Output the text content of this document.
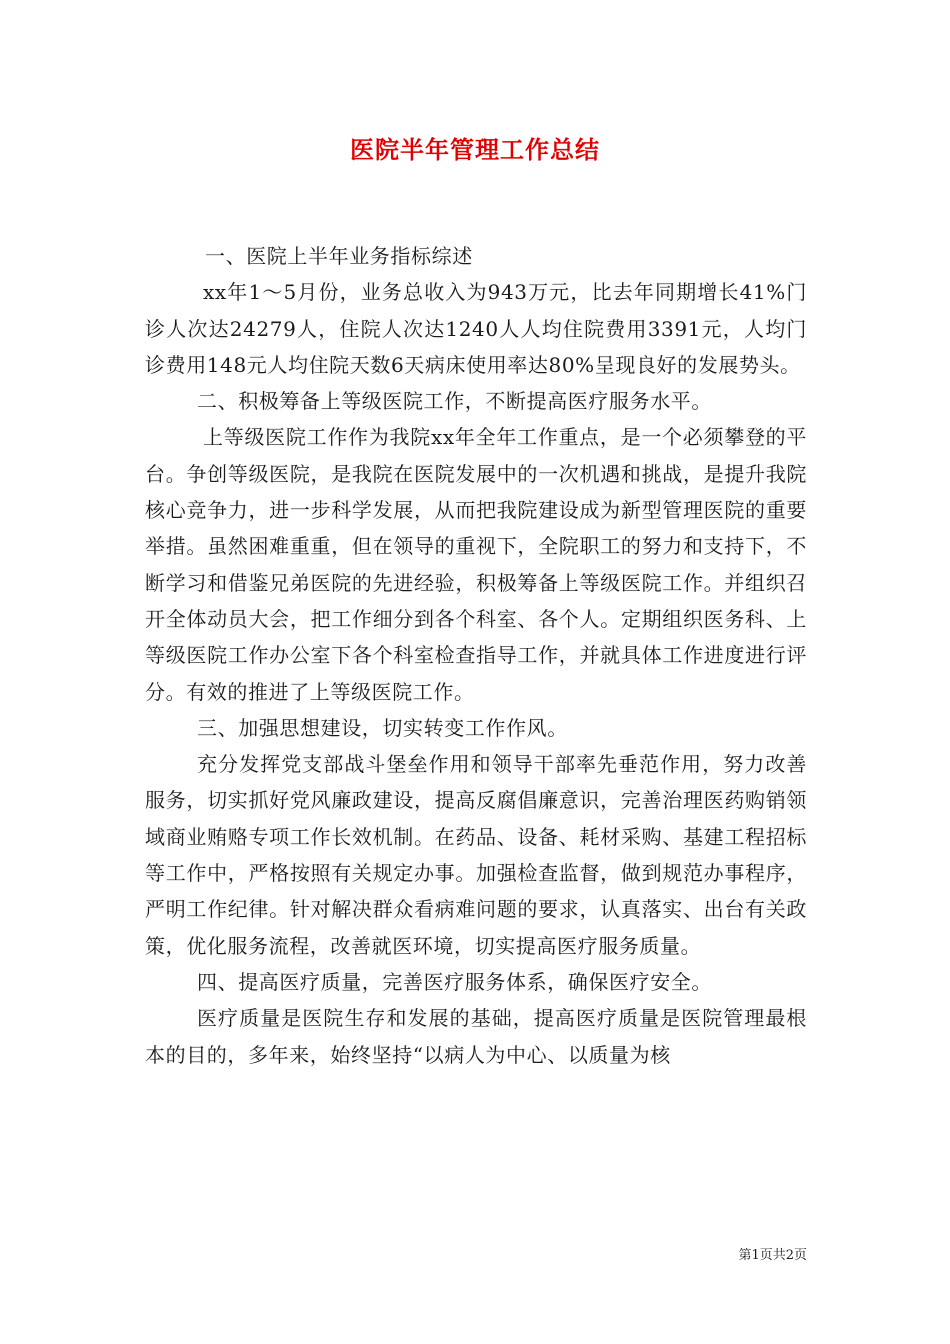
医院半年管理工作总结

一、医院上半年业务指标综述

xx年1～5月份，业务总收入为943万元，比去年同期增长41%门诊人次达24279人，住院人次达1240人人均住院费用3391元，人均门诊费用148元人均住院天数6天病床使用率达80%呈现良好的发展势头。

二、积极筹备上等级医院工作，不断提高医疗服务水平。

上等级医院工作作为我院xx年全年工作重点，是一个必须攀登的平台。争创等级医院，是我院在医院发展中的一次机遇和挑战，是提升我院核心竞争力，进一步科学发展，从而把我院建设成为新型管理医院的重要举措。虽然困难重重，但在领导的重视下，全院职工的努力和支持下，不断学习和借鉴兄弟医院的先进经验，积极筹备上等级医院工作。并组织召开全体动员大会，把工作细分到各个科室、各个人。定期组织医务科、上等级医院工作办公室下各个科室检查指导工作，并就具体工作进度进行评分。有效的推进了上等级医院工作。

三、加强思想建设，切实转变工作作风。

充分发挥党支部战斗堡垒作用和领导干部率先垂范作用，努力改善服务，切实抓好党风廉政建设，提高反腐倡廉意识，完善治理医药购销领域商业贿赂专项工作长效机制。在药品、设备、耗材采购、基建工程招标等工作中，严格按照有关规定办事。加强检查监督，做到规范办事程序，严明工作纪律。针对解决群众看病难问题的要求，认真落实、出台有关政策，优化服务流程，改善就医环境，切实提高医疗服务质量。

四、提高医疗质量，完善医疗服务体系，确保医疗安全。

医疗质量是医院生存和发展的基础，提高医疗质量是医院管理最根本的目的，多年来，始终坚持“以病人为中心、以质量为核

第1页共2页
